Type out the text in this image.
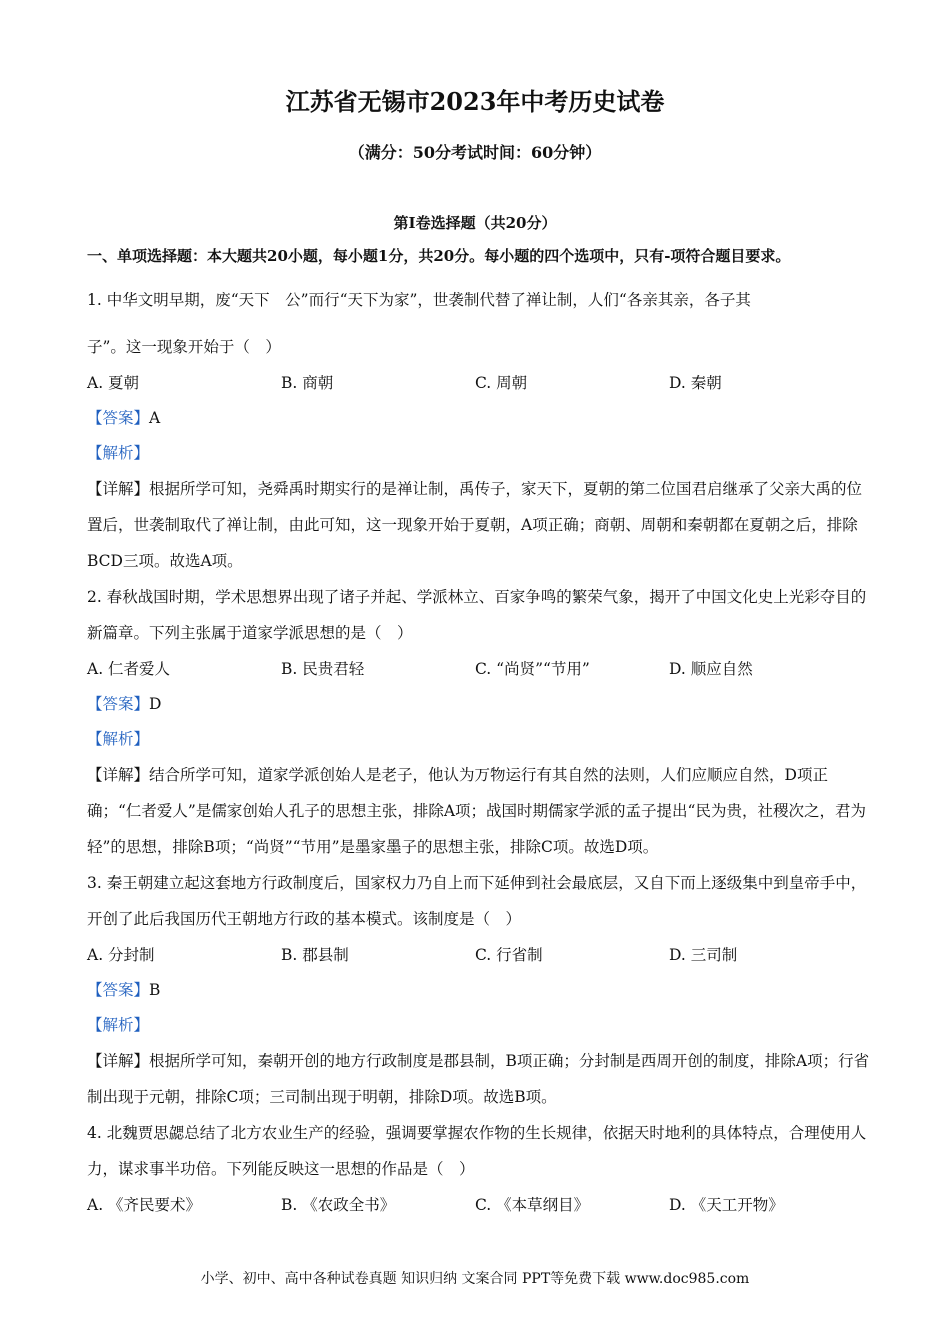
江苏省无锡市2023年中考历史试卷
（满分：50分考试时间：60分钟）
第I卷选择题（共20分）
一、单项选择题：本大题共20小题，每小题1分，共20分。每小题的四个选项中，只有-项符合题目要求。
1. 中华文明早期，废“天下　公”而行“天下为家”，世袭制代替了禅让制，人们“各亲其亲，各子其
子”。这一现象开始于（　）
A. 夏朝	B. 商朝	C. 周朝	D. 秦朝
【答案】A
【解析】
【详解】根据所学可知，尧舜禹时期实行的是禅让制，禹传子，家天下，夏朝的第二位国君启继承了父亲大禹的位置后，世袭制取代了禅让制，由此可知，这一现象开始于夏朝，A项正确；商朝、周朝和秦朝都在夏朝之后，排除BCD三项。故选A项。
2. 春秋战国时期，学术思想界出现了诸子并起、学派林立、百家争鸣的繁荣气象，揭开了中国文化史上光彩夺目的新篇章。下列主张属于道家学派思想的是（　）
A. 仁者爱人	B. 民贵君轻	C. “尚贤”“节用”	D. 顺应自然
【答案】D
【解析】
【详解】结合所学可知，道家学派创始人是老子，他认为万物运行有其自然的法则，人们应顺应自然，D项正确；“仁者爱人”是儒家创始人孔子的思想主张，排除A项；战国时期儒家学派的孟子提出“民为贵，社稷次之，君为轻”的思想，排除B项；“尚贤”“节用”是墨家墨子的思想主张，排除C项。故选D项。
3. 秦王朝建立起这套地方行政制度后，国家权力乃自上而下延伸到社会最底层，又自下而上逐级集中到皇帝手中，开创了此后我国历代王朝地方行政的基本模式。该制度是（　）
A. 分封制	B. 郡县制	C. 行省制	D. 三司制
【答案】B
【解析】
【详解】根据所学可知，秦朝开创的地方行政制度是郡县制，B项正确；分封制是西周开创的制度，排除A项；行省制出现于元朝，排除C项；三司制出现于明朝，排除D项。故选B项。
4. 北魏贾思勰总结了北方农业生产的经验，强调要掌握农作物的生长规律，依据天时地利的具体特点，合理使用人力，谋求事半功倍。下列能反映这一思想的作品是（　）
A. 《齐民要术》	B. 《农政全书》	C. 《本草纲目》	D. 《天工开物》
小学、初中、高中各种试卷真题 知识归纳 文案合同 PPT等免费下载 www.doc985.com
